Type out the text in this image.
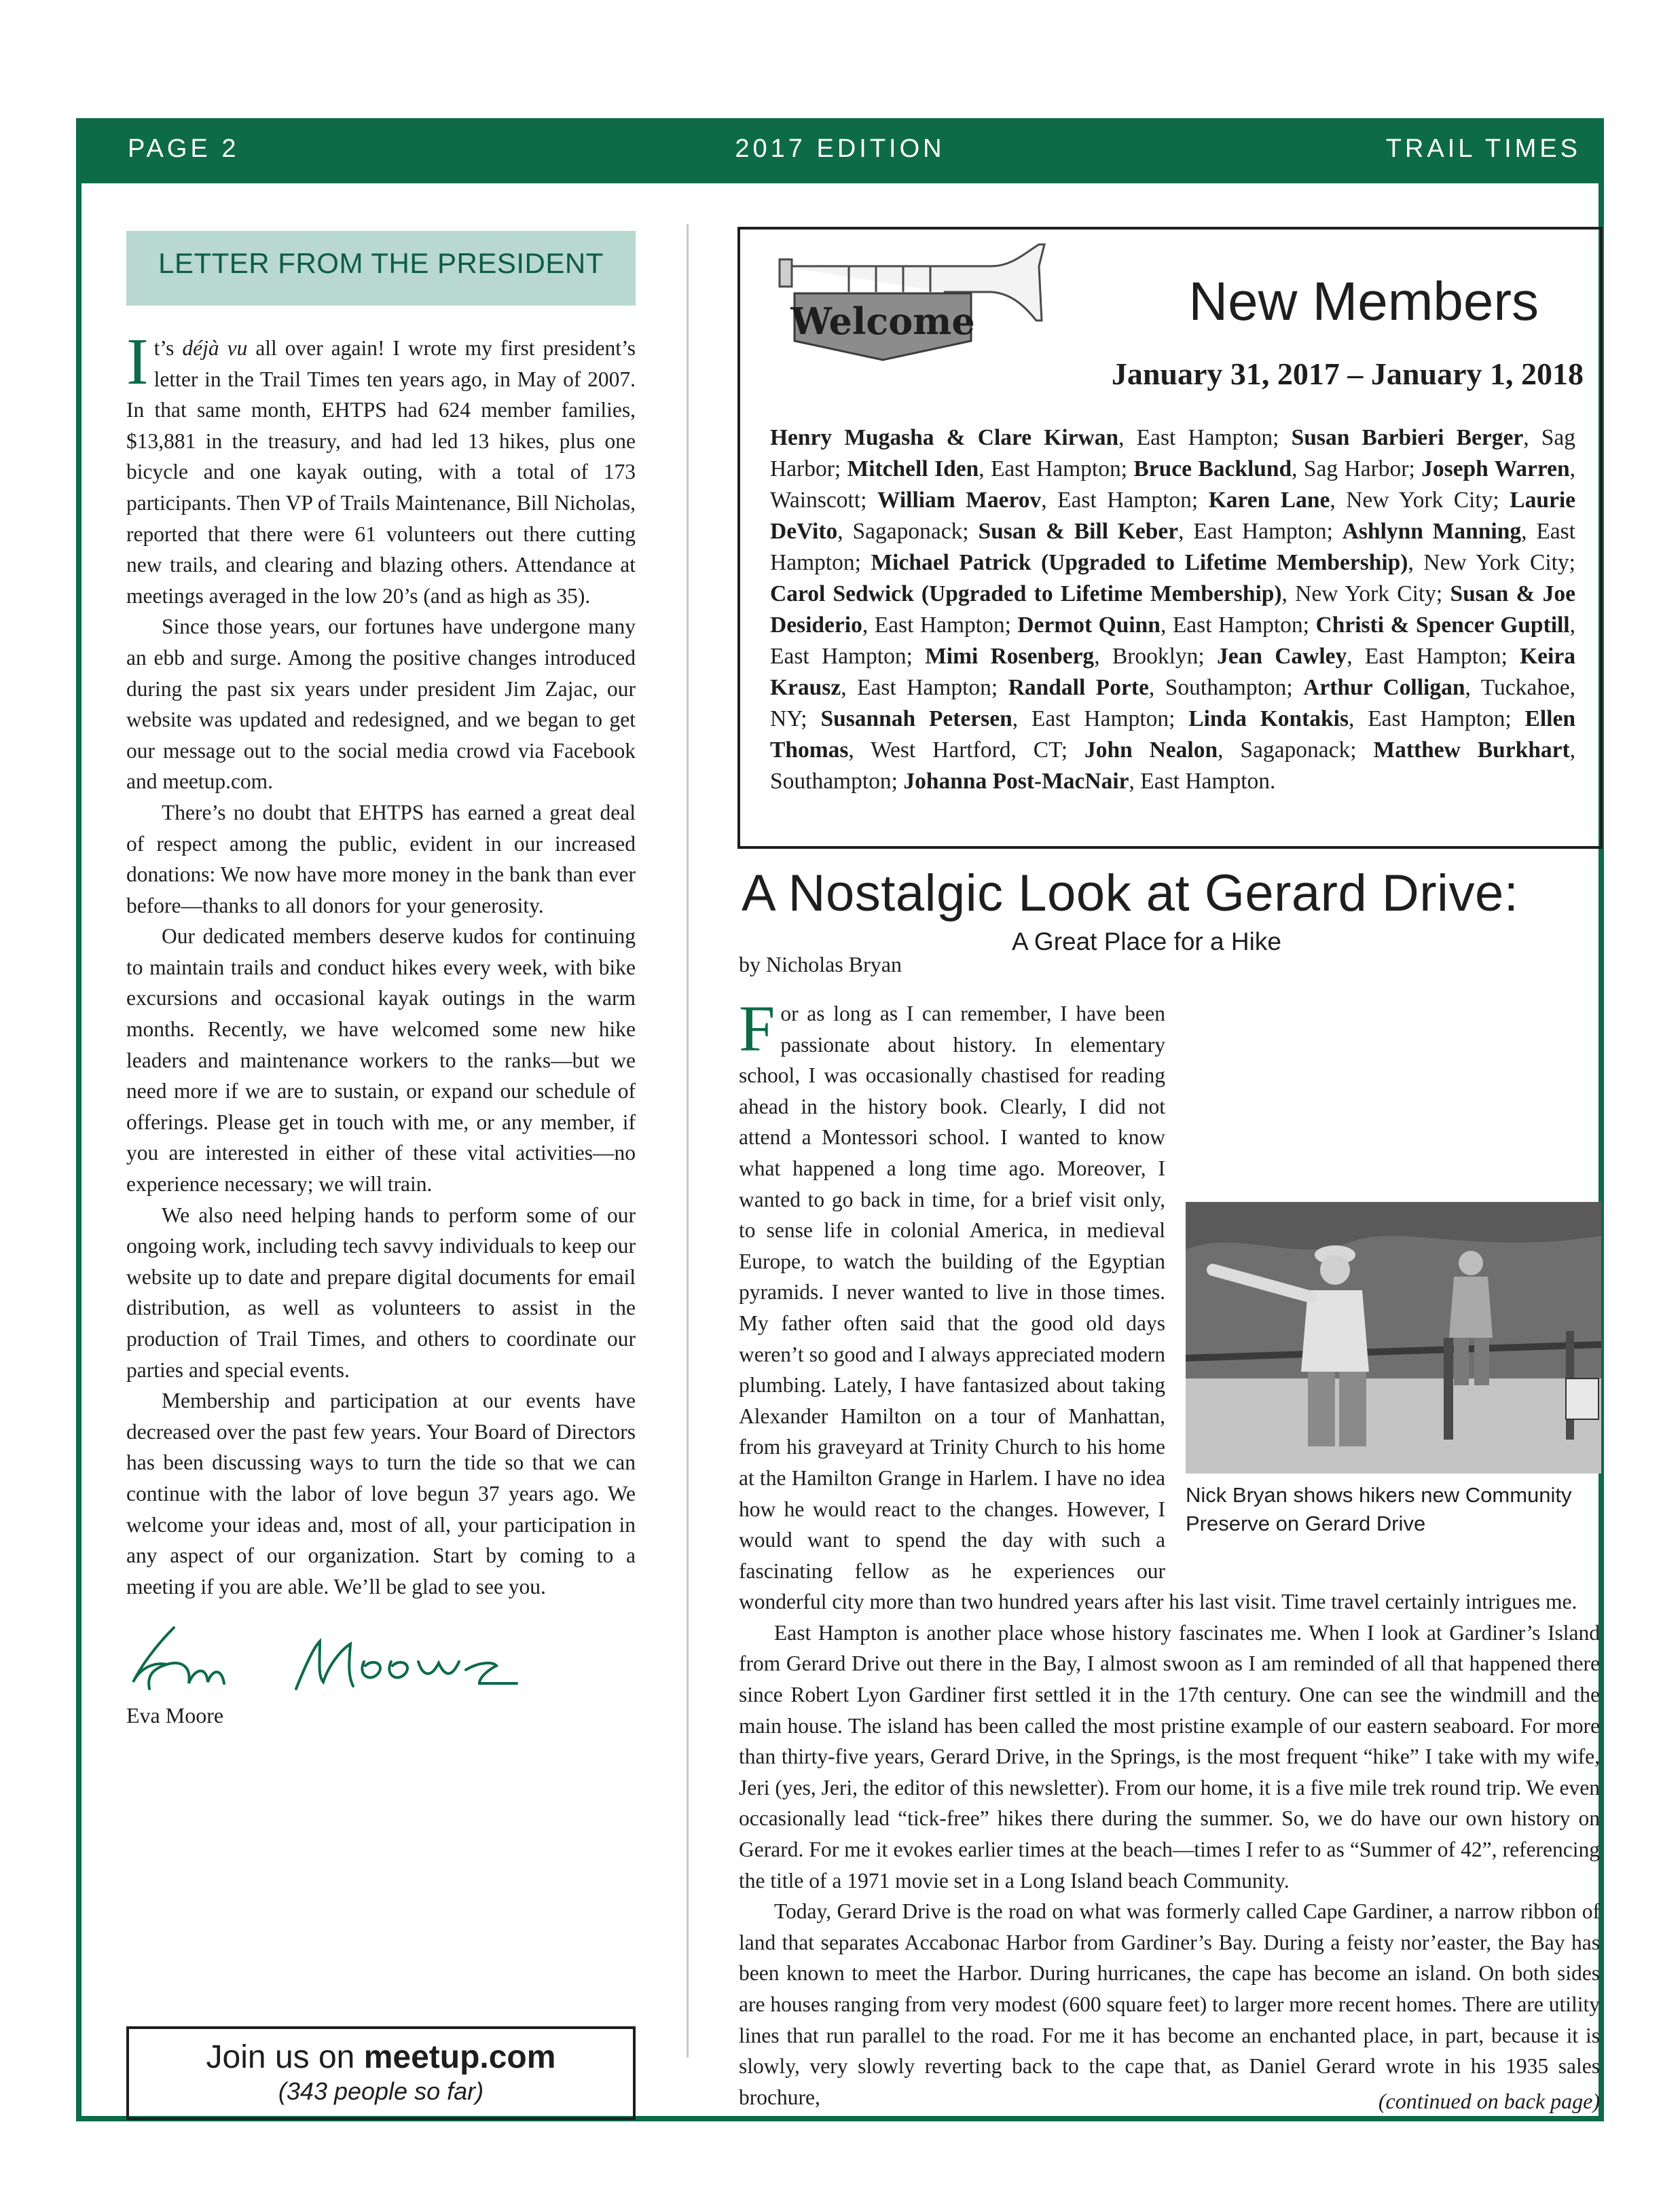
PAGE 2	2017 EDITION	TRAIL TIMES
LETTER FROM THE PRESIDENT

It’s déjà vu all over again! I wrote my first president’s letter in the Trail Times ten years ago, in May of 2007. In that same month, EHTPS had 624 member families, $13,881 in the treasury, and had led 13 hikes, plus one bicycle and one kayak outing, with a total of 173 participants. Then VP of Trails Maintenance, Bill Nicholas, reported that there were 61 volunteers out there cutting new trails, and clearing and blazing others. Attendance at meetings averaged in the low 20’s (and as high as 35).

Since those years, our fortunes have undergone many an ebb and surge. Among the positive changes introduced during the past six years under president Jim Zajac, our website was updated and redesigned, and we began to get our message out to the social media crowd via Facebook and meetup.com.

There’s no doubt that EHTPS has earned a great deal of respect among the public, evident in our increased donations: We now have more money in the bank than ever before—thanks to all donors for your generosity.

Our dedicated members deserve kudos for continuing to maintain trails and conduct hikes every week, with bike excursions and occasional kayak outings in the warm months. Recently, we have welcomed some new hike leaders and maintenance workers to the ranks—but we need more if we are to sustain, or expand our schedule of offerings. Please get in touch with me, or any member, if you are interested in either of these vital activities—no experience necessary; we will train.

We also need helping hands to perform some of our ongoing work, including tech savvy individuals to keep our website up to date and prepare digital documents for email distribution, as well as volunteers to assist in the production of Trail Times, and others to coordinate our parties and special events.

Membership and participation at our events have decreased over the past few years. Your Board of Directors has been discussing ways to turn the tide so that we can continue with the labor of love begun 37 years ago. We welcome your ideas and, most of all, your participation in any aspect of our organization. Start by coming to a meeting if you are able. We’ll be glad to see you.

Eva Moore
Join us on meetup.com
(343 people so far)
Welcome	New Members
January 31, 2017 – January 1, 2018
Henry Mugasha & Clare Kirwan, East Hampton; Susan Barbieri Berger, Sag Harbor; Mitchell Iden, East Hampton; Bruce Backlund, Sag Harbor; Joseph Warren, Wainscott; William Maerov, East Hampton; Karen Lane, New York City; Laurie DeVito, Sagaponack; Susan & Bill Keber, East Hampton; Ashlynn Manning, East Hampton; Michael Patrick (Upgraded to Lifetime Membership), New York City; Carol Sedwick (Upgraded to Lifetime Membership), New York City; Susan & Joe Desiderio, East Hampton; Dermot Quinn, East Hampton; Christi & Spencer Guptill, East Hampton; Mimi Rosenberg, Brooklyn; Jean Cawley, East Hampton; Keira Krausz, East Hampton; Randall Porte, Southampton; Arthur Colligan, Tuckahoe, NY; Susannah Petersen, East Hampton; Linda Kontakis, East Hampton; Ellen Thomas, West Hartford, CT; John Nealon, Sagaponack; Matthew Burkhart, Southampton; Johanna Post-MacNair, East Hampton.
A Nostalgic Look at Gerard Drive:
A Great Place for a Hike
by Nicholas Bryan

For as long as I can remember, I have been passionate about history. In elementary school, I was occasionally chastised for reading ahead in the history book. Clearly, I did not attend a Montessori school. I wanted to know what happened a long time ago. Moreover, I wanted to go back in time, for a brief visit only, to sense life in colonial America, in medieval Europe, to watch the building of the Egyptian pyramids. I never wanted to live in those times. My father often said that the good old days weren’t so good and I always appreciated modern plumbing. Lately, I have fantasized about taking Alexander Hamilton on a tour of Manhattan, from his graveyard at Trinity Church to his home at the Hamilton Grange in Harlem. I have no idea how he would react to the changes. However, I would want to spend the day with such a fascinating fellow as he experiences our wonderful city more than two hundred years after his last visit. Time travel certainly intrigues me.

East Hampton is another place whose history fascinates me. When I look at Gardiner’s Island from Gerard Drive out there in the Bay, I almost swoon as I am reminded of all that happened there since Robert Lyon Gardiner first settled it in the 17th century. One can see the windmill and the main house. The island has been called the most pristine example of our eastern seaboard. For more than thirty-five years, Gerard Drive, in the Springs, is the most frequent “hike” I take with my wife, Jeri (yes, Jeri, the editor of this newsletter). From our home, it is a five mile trek round trip. We even occasionally lead “tick-free” hikes there during the summer. So, we do have our own history on Gerard. For me it evokes earlier times at the beach—times I refer to as “Summer of 42”, referencing the title of a 1971 movie set in a Long Island beach Community.

Today, Gerard Drive is the road on what was formerly called Cape Gardiner, a narrow ribbon of land that separates Accabonac Harbor from Gardiner’s Bay. During a feisty nor’easter, the Bay has been known to meet the Harbor. During hurricanes, the cape has become an island. On both sides are houses ranging from very modest (600 square feet) to larger more recent homes. There are utility lines that run parallel to the road. For me it has become an enchanted place, in part, because it is slowly, very slowly reverting back to the cape that, as Daniel Gerard wrote in his 1935 sales brochure,

Nick Bryan shows hikers new Community Preserve on Gerard Drive
(continued on back page)
